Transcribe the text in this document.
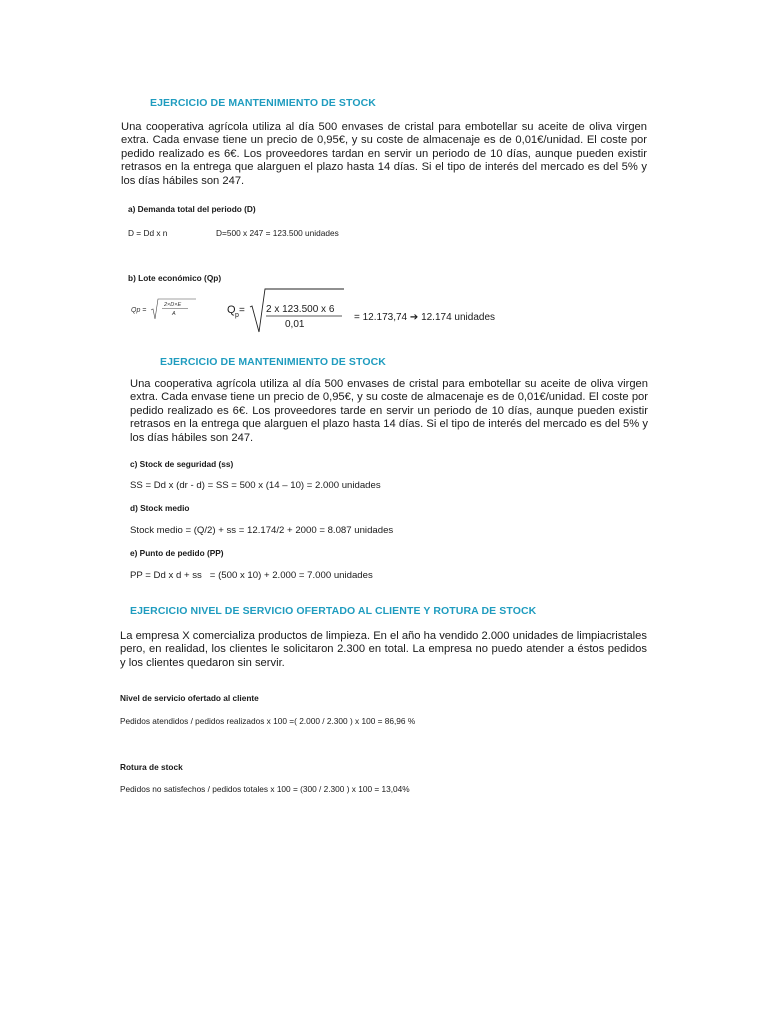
EJERCICIO DE MANTENIMIENTO DE STOCK
Una cooperativa agrícola utiliza al día 500 envases de cristal para embotellar su aceite de oliva virgen extra. Cada envase tiene un precio de 0,95€, y su coste de almacenaje es de 0,01€/unidad. El coste por pedido realizado es 6€. Los proveedores tardan en servir un periodo de 10 días, aunque pueden existir retrasos en la entrega que alarguen el plazo hasta 14 días. Si el tipo de interés del mercado es del 5% y los días hábiles son 247.
a) Demanda total del periodo (D)
D = Dd x n	D=500 x 247 = 123.500 unidades
b) Lote económico (Qp)
Qp =
2×D×E
A	Q p = 2 x 123.500 x 6
0,01
= 12.173,74 ➔ 12.174 unidades
EJERCICIO DE MANTENIMIENTO DE STOCK
Una cooperativa agrícola utiliza al día 500 envases de cristal para embotellar su aceite de oliva virgen extra. Cada envase tiene un precio de 0,95€, y su coste de almacenaje es de 0,01€/unidad. El coste por pedido realizado es 6€. Los proveedores tarde en servir un periodo de 10 días, aunque pueden existir retrasos en la entrega que alarguen el plazo hasta 14 días. Si el tipo de interés del mercado es del 5% y los días hábiles son 247.
c) Stock de seguridad (ss)
SS = Dd x (dr - d) = SS = 500 x (14 – 10) = 2.000 unidades
d) Stock medio
Stock medio = (Q/2) + ss = 12.174/2 + 2000 = 8.087 unidades
e) Punto de pedido (PP)
PP = Dd x d + ss   = (500 x 10) + 2.000 = 7.000 unidades
EJERCICIO NIVEL DE SERVICIO OFERTADO AL CLIENTE Y ROTURA DE STOCK
La empresa X comercializa productos de limpieza. En el año ha vendido 2.000 unidades de limpiacristales pero, en realidad, los clientes le solicitaron 2.300 en total. La empresa no puedo atender a éstos pedidos y los clientes quedaron sin servir.
Nivel de servicio ofertado al cliente
Pedidos atendidos / pedidos realizados x 100 =( 2.000 / 2.300 ) x 100 = 86,96 %
Rotura de stock
Pedidos no satisfechos / pedidos totales x 100 = (300 / 2.300 ) x 100 = 13,04%
